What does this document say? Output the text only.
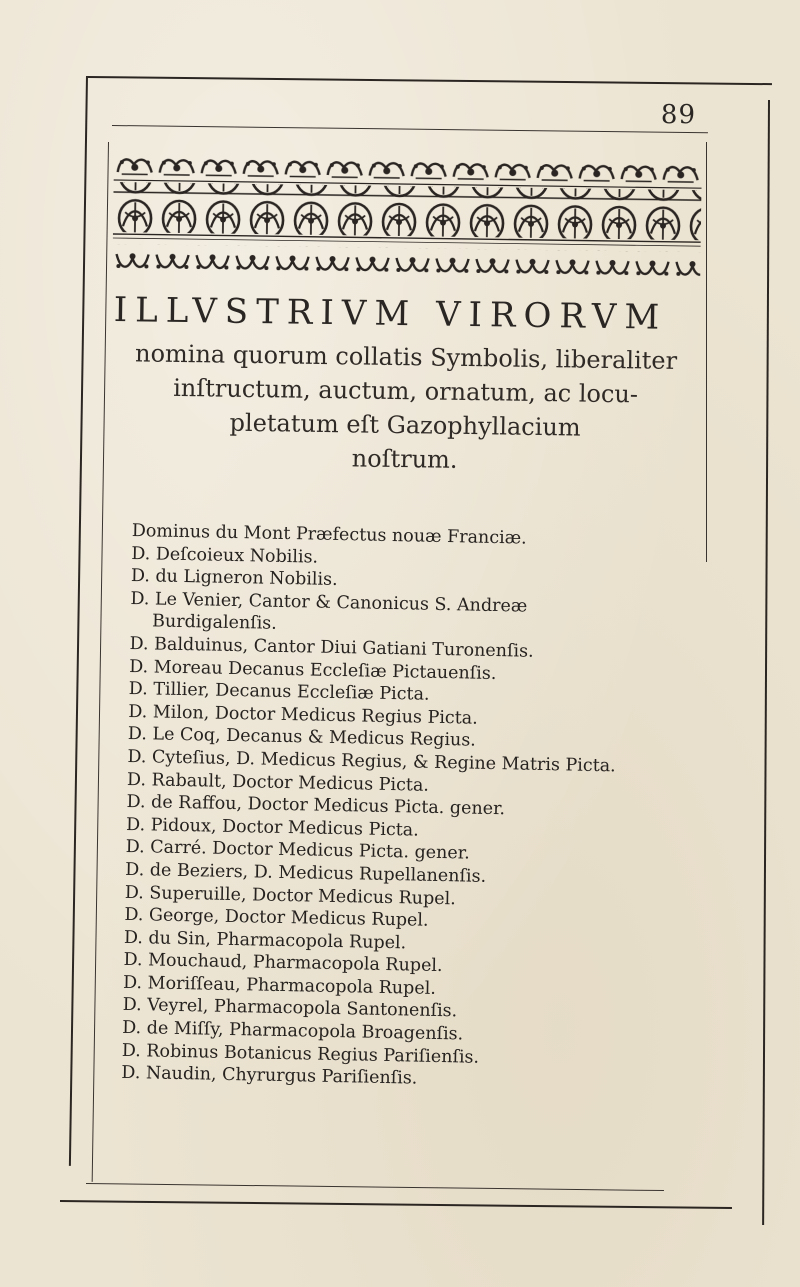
89
ILLVSTRIVM VIRORVM
nomina quorum collatis Symbolis, liberaliter
inſtructum, auctum, ornatum, ac locu-
pletatum eſt Gazophyllacium
noſtrum.
Dominus du Mont Præfectus nouæ Franciæ.
D. Deſcoieux Nobilis.
D. du Ligneron Nobilis.
D. Le Venier, Cantor & Canonicus S. Andreæ
Burdigalenſis.
D. Balduinus, Cantor Diui Gatiani Turonenſis.
D. Moreau Decanus Eccleſiæ Pictauenſis.
D. Tillier, Decanus Eccleſiæ Picta.
D. Milon, Doctor Medicus Regius Picta.
D. Le Coq, Decanus & Medicus Regius.
D. Cyteſius, D. Medicus Regius, & Regine Matris Picta.
D. Rabault, Doctor Medicus Picta.
D. de Raffou, Doctor Medicus Picta. gener.
D. Pidoux, Doctor Medicus Picta.
D. Carré. Doctor Medicus Picta. gener.
D. de Beziers, D. Medicus Rupellanenſis.
D. Superuille, Doctor Medicus Rupel.
D. George, Doctor Medicus Rupel.
D. du Sin, Pharmacopola Rupel.
D. Mouchaud, Pharmacopola Rupel.
D. Moriſſeau, Pharmacopola Rupel.
D. Veyrel, Pharmacopola Santonenſis.
D. de Miſſy, Pharmacopola Broagenſis.
D. Robinus Botanicus Regius Pariſienſis.
D. Naudin, Chyrurgus Pariſienſis.
